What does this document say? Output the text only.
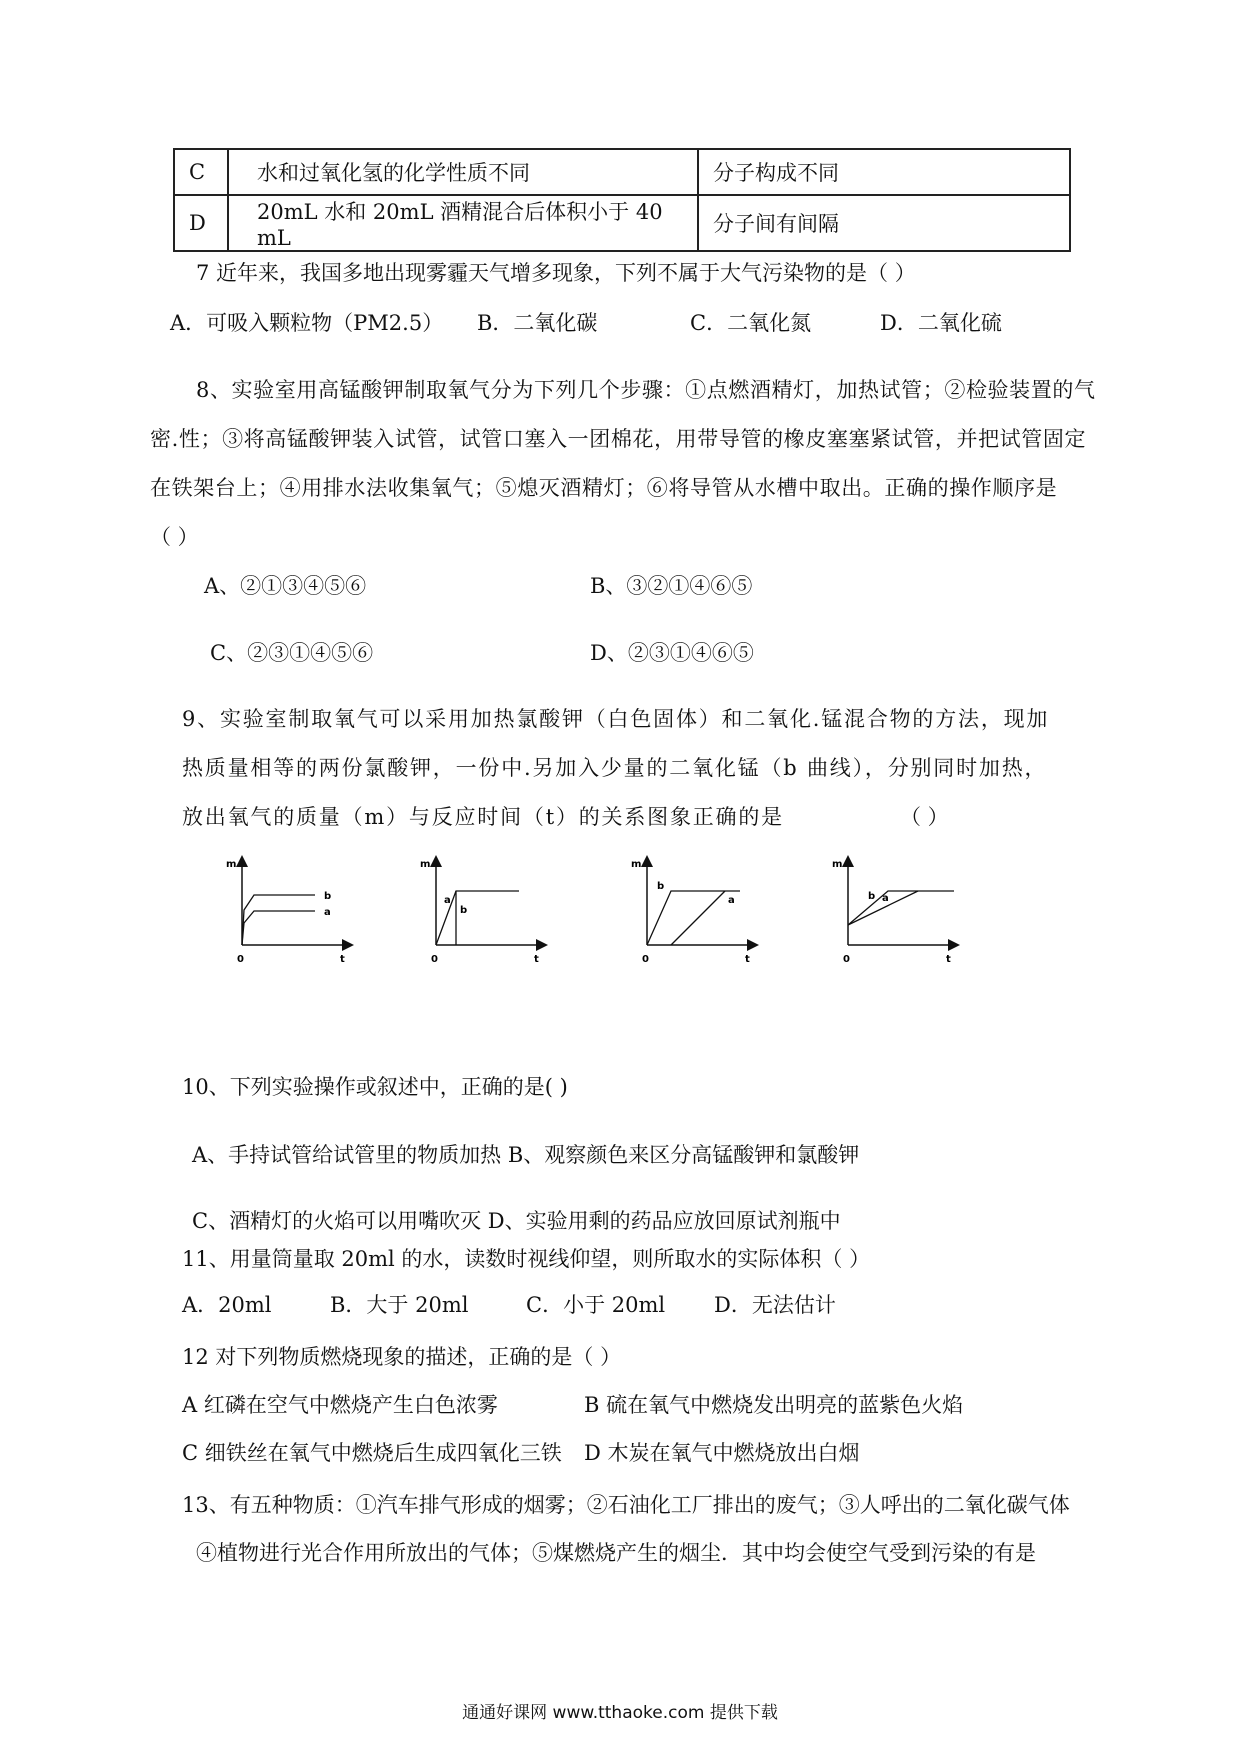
C	水和过氧化氢的化学性质不同	分子构成不同
D	20mL 水和 20mL 酒精混合后体积小于 40 mL	分子间有间隔
7 近年来，我国多地出现雾霾天气增多现象，下列不属于大气污染物的是（ ）
A．可吸入颗粒物（PM2.5） B．二氧化碳	C．二氧化氮	D．二氧化硫
8、实验室用高锰酸钾制取氧气分为下列几个步骤：①点燃酒精灯，加热试管；②检验装置的气
密.性；③将高锰酸钾装入试管，试管口塞入一团棉花，用带导管的橡皮塞塞紧试管，并把试管固定
在铁架台上；④用排水法收集氧气；⑤熄灭酒精灯；⑥将导管从水槽中取出。正确的操作顺序是
（ ）
A、②①③④⑤⑥	B、③②①④⑥⑤
C、②③①④⑤⑥	D、②③①④⑥⑤
9、实验室制取氧气可以采用加热氯酸钾（白色固体）和二氧化.锰混合物的方法，现加
热质量相等的两份氯酸钾，一份中.另加入少量的二氧化锰（b 曲线），分别同时加热，
放出氧气的质量（m）与反应时间（t）的关系图象正确的是	（ ）
m
t
0
b
a
m
t
0
a
b
m
t
0
b
a
m
t
0
b a
10、下列实验操作或叙述中，正确的是( )
A、手持试管给试管里的物质加热 B、观察颜色来区分高锰酸钾和氯酸钾
C、酒精灯的火焰可以用嘴吹灭 D、实验用剩的药品应放回原试剂瓶中
11、用量筒量取 20ml 的水，读数时视线仰望，则所取水的实际体积（ ）
A．20ml	B．大于 20ml	C．小于 20ml D．无法估计
12 对下列物质燃烧现象的描述，正确的是（ ）
A 红磷在空气中燃烧产生白色浓雾	B 硫在氧气中燃烧发出明亮的蓝紫色火焰
C 细铁丝在氧气中燃烧后生成四氧化三铁 D 木炭在氧气中燃烧放出白烟
13、有五种物质：①汽车排气形成的烟雾；②石油化工厂排出的废气；③人呼出的二氧化碳气体
④植物进行光合作用所放出的气体；⑤煤燃烧产生的烟尘．其中均会使空气受到污染的有是
通通好课网 www.tthaoke.com 提供下载
